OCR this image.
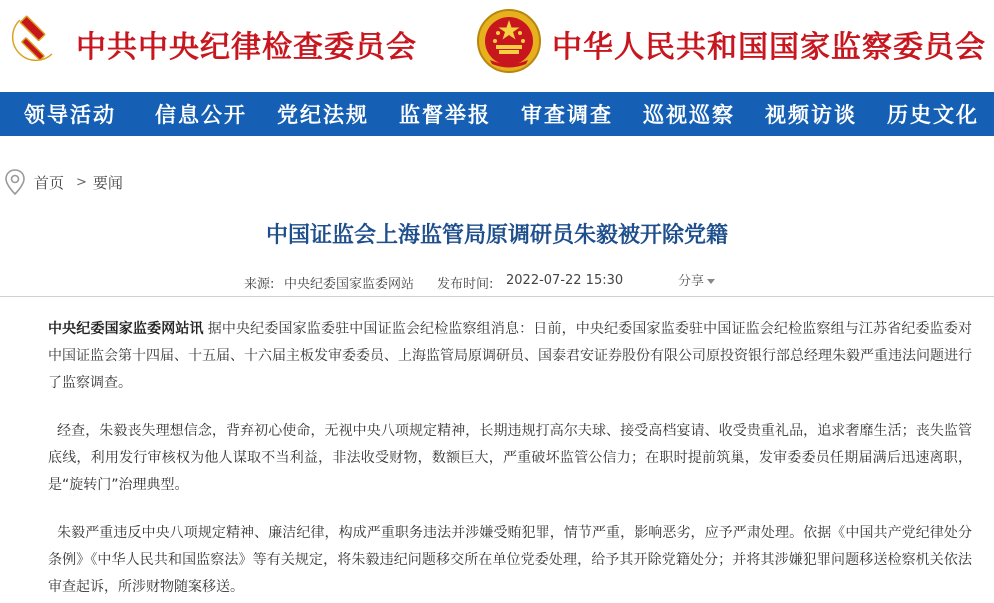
中共中央纪律检查委员会	中华人民共和国国家监察委员会
领导活动	信息公开	党纪法规	监督举报	审查调查	巡视巡察	视频访谈	历史文化
首页 > 要闻
中国证监会上海监管局原调研员朱毅被开除党籍
来源: 中央纪委国家监委网站 发布时间: 2022-07-22 15:30	分享
中央纪委国家监委网站讯 据中央纪委国家监委驻中国证监会纪检监察组消息：日前，中央纪委国家监委驻中国证监会纪检监察组与江苏省纪委监委对中国证监会第十四届、十五届、十六届主板发审委委员、上海监管局原调研员、国泰君安证券股份有限公司原投资银行部总经理朱毅严重违法问题进行了监察调查。
经查，朱毅丧失理想信念，背弃初心使命，无视中央八项规定精神，长期违规打高尔夫球、接受高档宴请、收受贵重礼品，追求奢靡生活；丧失监管底线，利用发行审核权为他人谋取不当利益，非法收受财物，数额巨大，严重破坏监管公信力；在职时提前筑巢，发审委委员任期届满后迅速离职，是“旋转门”治理典型。
朱毅严重违反中央八项规定精神、廉洁纪律，构成严重职务违法并涉嫌受贿犯罪，情节严重，影响恶劣，应予严肃处理。依据《中国共产党纪律处分条例》《中华人民共和国监察法》等有关规定，将朱毅违纪问题移交所在单位党委处理，给予其开除党籍处分；并将其涉嫌犯罪问题移送检察机关依法审查起诉，所涉财物随案移送。
